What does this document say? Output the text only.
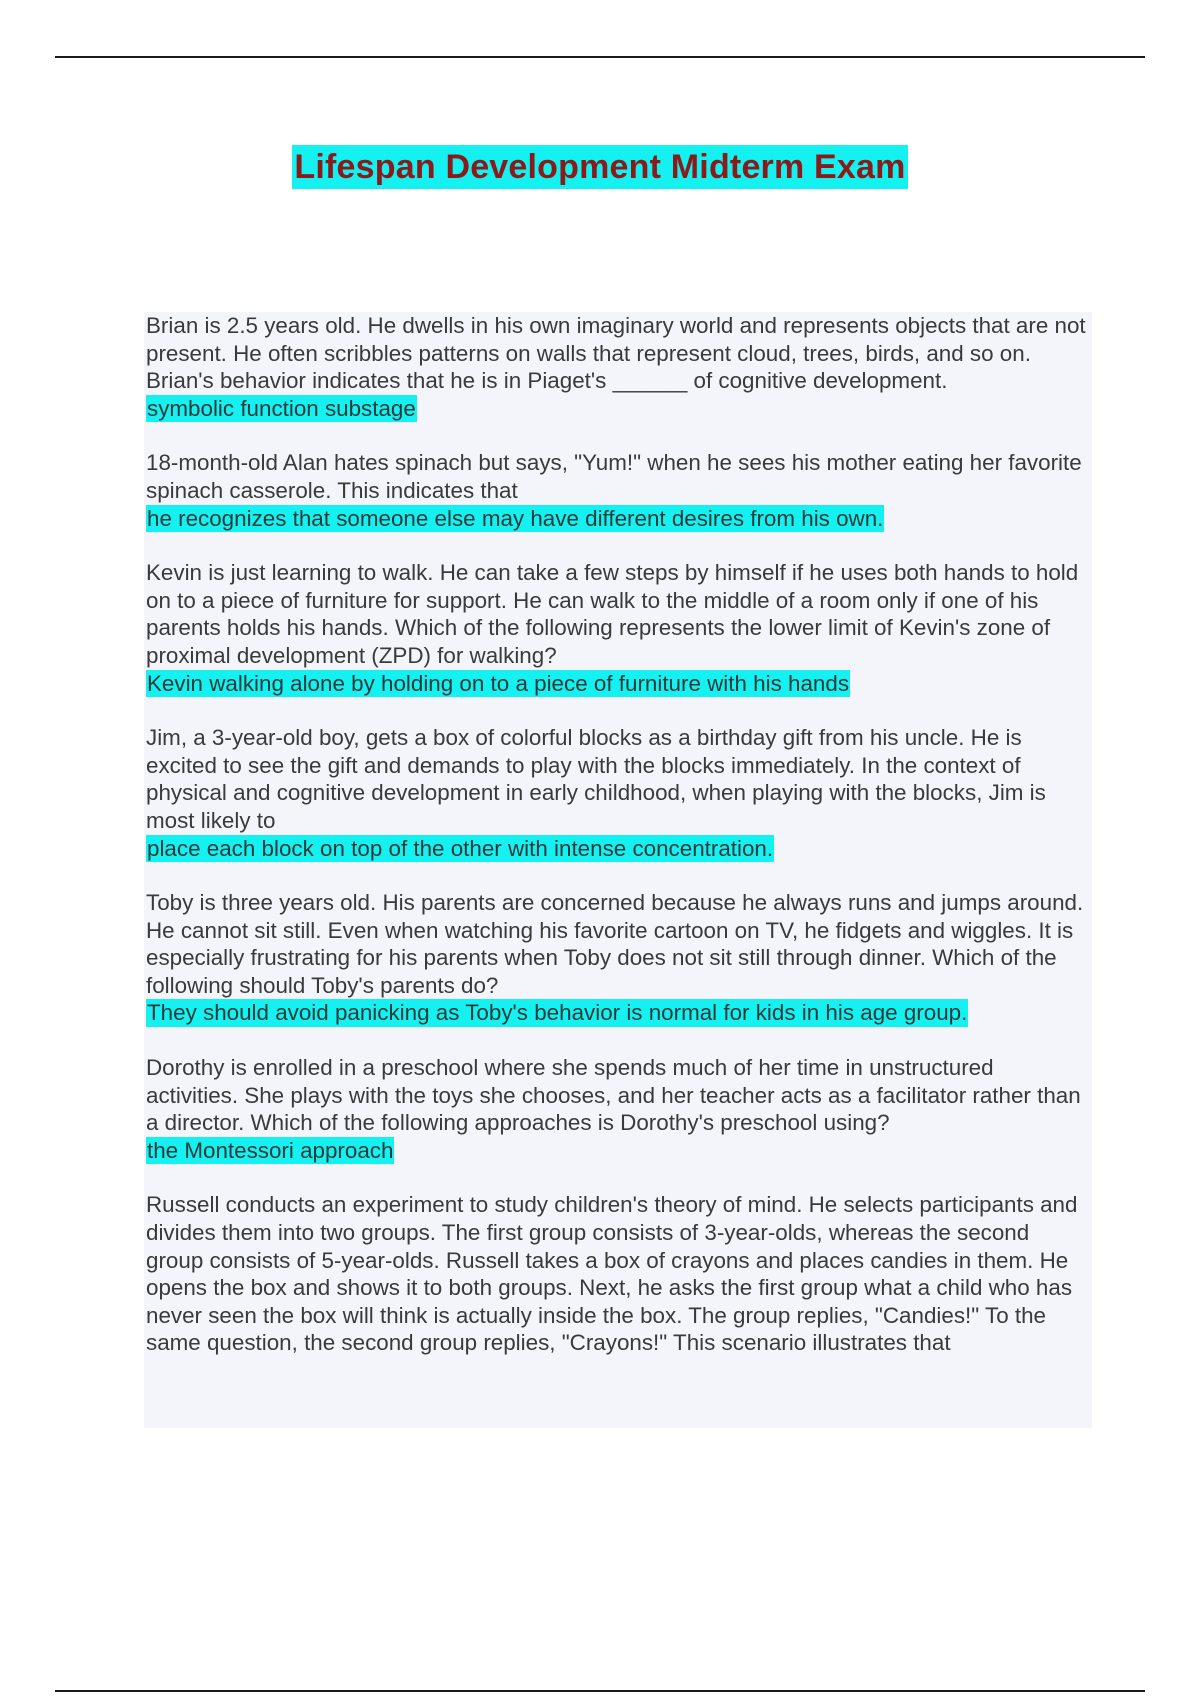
Lifespan Development Midterm Exam

Brian is 2.5 years old. He dwells in his own imaginary world and represents objects that are not present. He often scribbles patterns on walls that represent cloud, trees, birds, and so on. Brian's behavior indicates that he is in Piaget's ______ of cognitive development.

symbolic function substage

18-month-old Alan hates spinach but says, "Yum!" when he sees his mother eating her favorite spinach casserole. This indicates that

he recognizes that someone else may have different desires from his own.

Kevin is just learning to walk. He can take a few steps by himself if he uses both hands to hold on to a piece of furniture for support. He can walk to the middle of a room only if one of his parents holds his hands. Which of the following represents the lower limit of Kevin's zone of proximal development (ZPD) for walking?

Kevin walking alone by holding on to a piece of furniture with his hands

Jim, a 3-year-old boy, gets a box of colorful blocks as a birthday gift from his uncle. He is excited to see the gift and demands to play with the blocks immediately. In the context of physical and cognitive development in early childhood, when playing with the blocks, Jim is most likely to

place each block on top of the other with intense concentration.

Toby is three years old. His parents are concerned because he always runs and jumps around. He cannot sit still. Even when watching his favorite cartoon on TV, he fidgets and wiggles. It is especially frustrating for his parents when Toby does not sit still through dinner. Which of the following should Toby's parents do?

They should avoid panicking as Toby's behavior is normal for kids in his age group.

Dorothy is enrolled in a preschool where she spends much of her time in unstructured activities. She plays with the toys she chooses, and her teacher acts as a facilitator rather than a director. Which of the following approaches is Dorothy's preschool using?

the Montessori approach

Russell conducts an experiment to study children's theory of mind. He selects participants and divides them into two groups. The first group consists of 3-year-olds, whereas the second group consists of 5-year-olds. Russell takes a box of crayons and places candies in them. He opens the box and shows it to both groups. Next, he asks the first group what a child who has never seen the box will think is actually inside the box. The group replies, "Candies!" To the same question, the second group replies, "Crayons!" This scenario illustrates that
